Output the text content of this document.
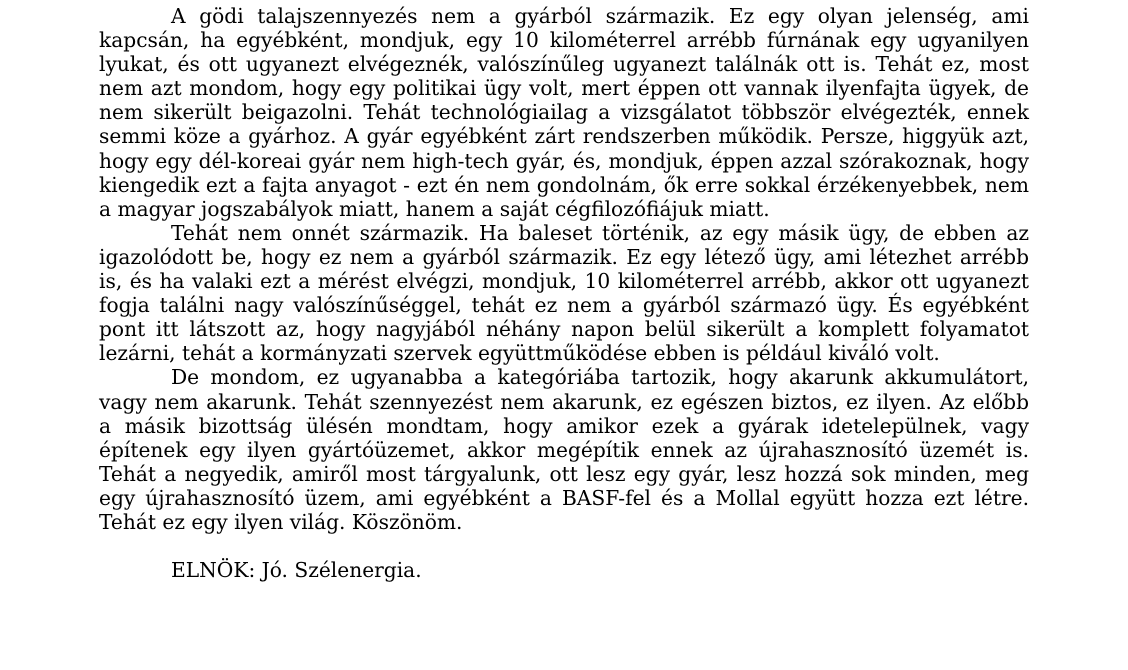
A gödi talajszennyezés nem a gyárból származik. Ez egy olyan jelenség, ami kapcsán, ha egyébként, mondjuk, egy 10 kilométerrel arrébb fúrnának egy ugyanilyen lyukat, és ott ugyanezt elvégeznék, valószínűleg ugyanezt találnák ott is. Tehát ez, most nem azt mondom, hogy egy politikai ügy volt, mert éppen ott vannak ilyenfajta ügyek, de nem sikerült beigazolni. Tehát technológiailag a vizsgálatot többször elvégezték, ennek semmi köze a gyárhoz. A gyár egyébként zárt rendszerben működik. Persze, higgyük azt, hogy egy dél-koreai gyár nem high-tech gyár, és, mondjuk, éppen azzal szórakoznak, hogy kiengedik ezt a fajta anyagot - ezt én nem gondolnám, ők erre sokkal érzékenyebbek, nem a magyar jogszabályok miatt, hanem a saját cégfilozófiájuk miatt.

Tehát nem onnét származik. Ha baleset történik, az egy másik ügy, de ebben az igazolódott be, hogy ez nem a gyárból származik. Ez egy létező ügy, ami létezhet arrébb is, és ha valaki ezt a mérést elvégzi, mondjuk, 10 kilométerrel arrébb, akkor ott ugyanezt fogja találni nagy valószínűséggel, tehát ez nem a gyárból származó ügy. És egyébként pont itt látszott az, hogy nagyjából néhány napon belül sikerült a komplett folyamatot lezárni, tehát a kormányzati szervek együttműködése ebben is például kiváló volt.

De mondom, ez ugyanabba a kategóriába tartozik, hogy akarunk akkumulátort, vagy nem akarunk. Tehát szennyezést nem akarunk, ez egészen biztos, ez ilyen. Az előbb a másik bizottság ülésén mondtam, hogy amikor ezek a gyárak idetelepülnek, vagy építenek egy ilyen gyártóüzemet, akkor megépítik ennek az újrahasznosító üzemét is. Tehát a negyedik, amiről most tárgyalunk, ott lesz egy gyár, lesz hozzá sok minden, meg egy újrahasznosító üzem, ami egyébként a BASF-fel és a Mollal együtt hozza ezt létre. Tehát ez egy ilyen világ. Köszönöm.

ELNÖK: Jó. Szélenergia.
